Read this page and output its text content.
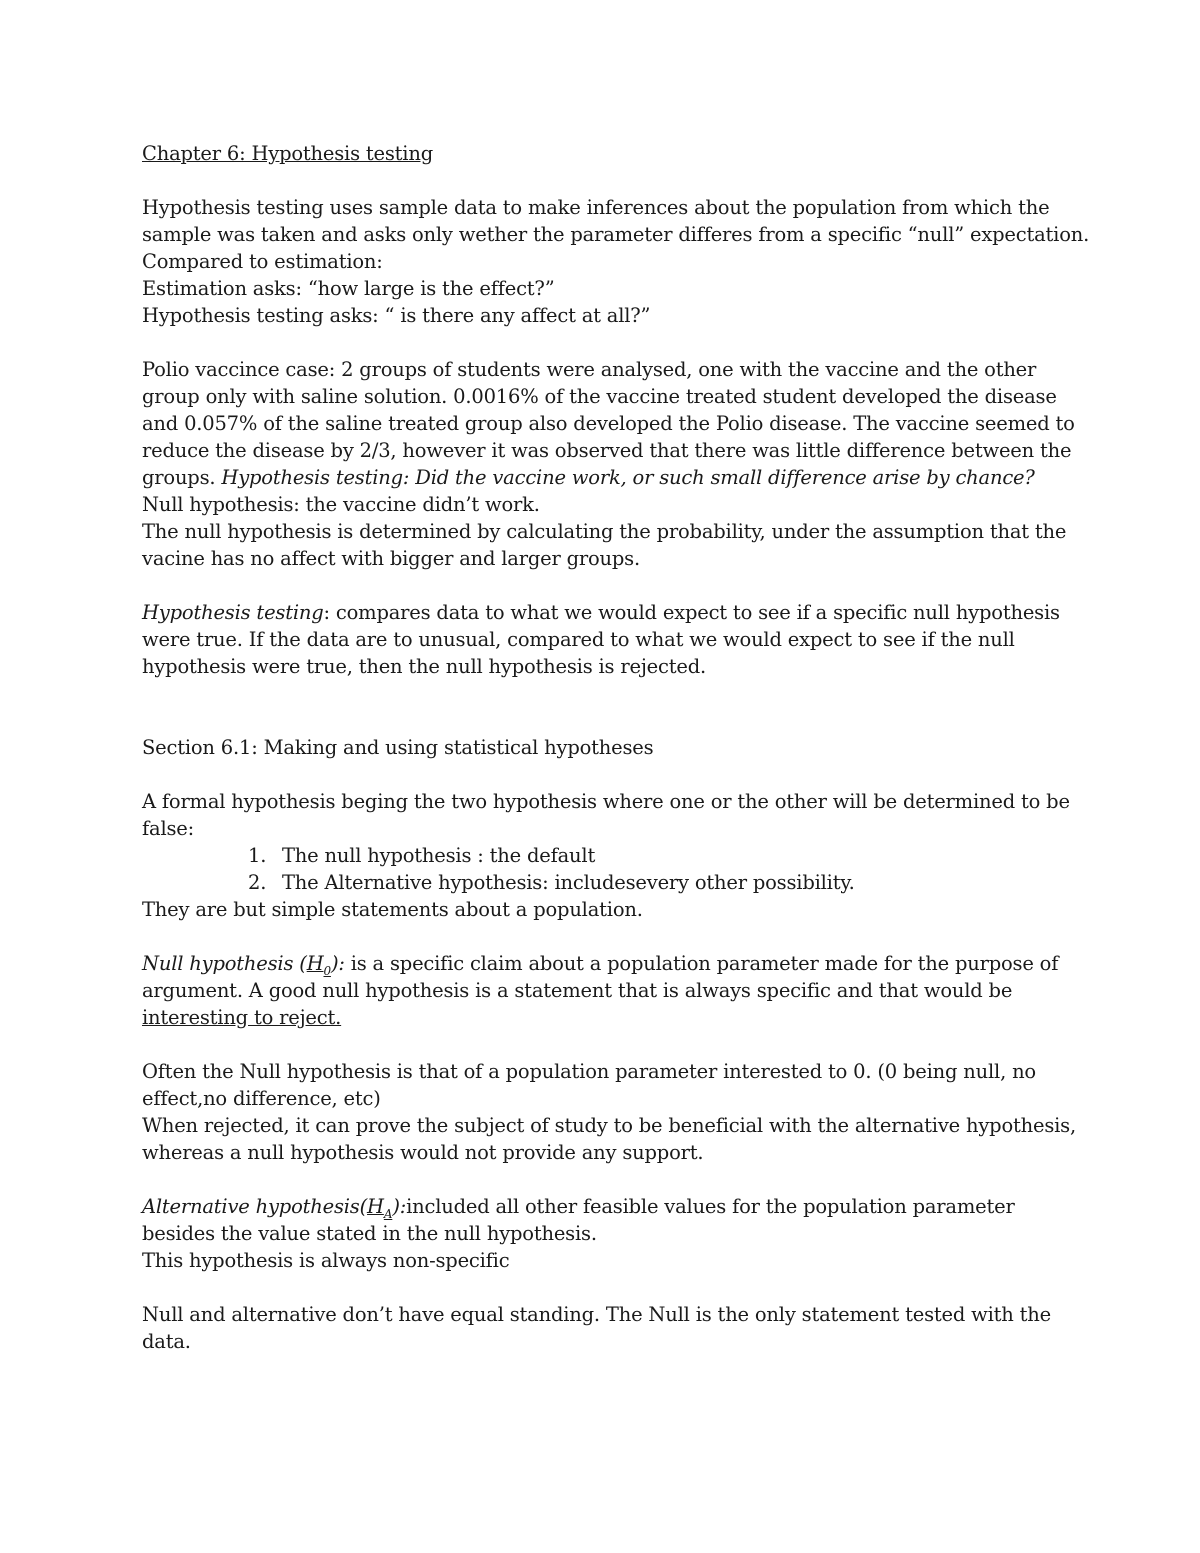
Chapter 6: Hypothesis testing
Hypothesis testing uses sample data to make inferences about the population from which the
sample was taken and asks only wether the parameter differes from a specific “null” expectation.
Compared to estimation:
Estimation asks: “how large is the effect?”
Hypothesis testing asks: “ is there any affect at all?”
Polio vaccince case: 2 groups of students were analysed, one with the vaccine and the other
group only with saline solution. 0.0016% of the vaccine treated student developed the disease
and 0.057% of the saline treated group also developed the Polio disease. The vaccine seemed to
reduce the disease by 2/3, however it was observed that there was little difference between the
groups. Hypothesis testing: Did the vaccine work, or such small difference arise by chance?
Null hypothesis: the vaccine didn’t work.
The null hypothesis is determined by calculating the probability, under the assumption that the
vacine has no affect with bigger and larger groups.
Hypothesis testing: compares data to what we would expect to see if a specific null hypothesis
were true. If the data are to unusual, compared to what we would expect to see if the null
hypothesis were true, then the null hypothesis is rejected.
Section 6.1: Making and using statistical hypotheses
A formal hypothesis beging the two hypothesis where one or the other will be determined to be
false:
1. The null hypothesis : the default
2. The Alternative hypothesis: includesevery other possibility.
They are but simple statements about a population.
Null hypothesis $(H_0)$: is a specific claim about a population parameter made for the purpose of
argument. A good null hypothesis is a statement that is always specific and that would be
interesting to reject.
Often the Null hypothesis is that of a population parameter interested to 0. (0 being null, no
effect,no difference, etc)
When rejected, it can prove the subject of study to be beneficial with the alternative hypothesis,
whereas a null hypothesis would not provide any support.
Alternative $hypothesis(H_A):included$ all other feasible values for the population parameter
besides the value stated in the null hypothesis.
This hypothesis is always non-specific
Null and alternative don’t have equal standing. The Null is the only statement tested with the
data.
